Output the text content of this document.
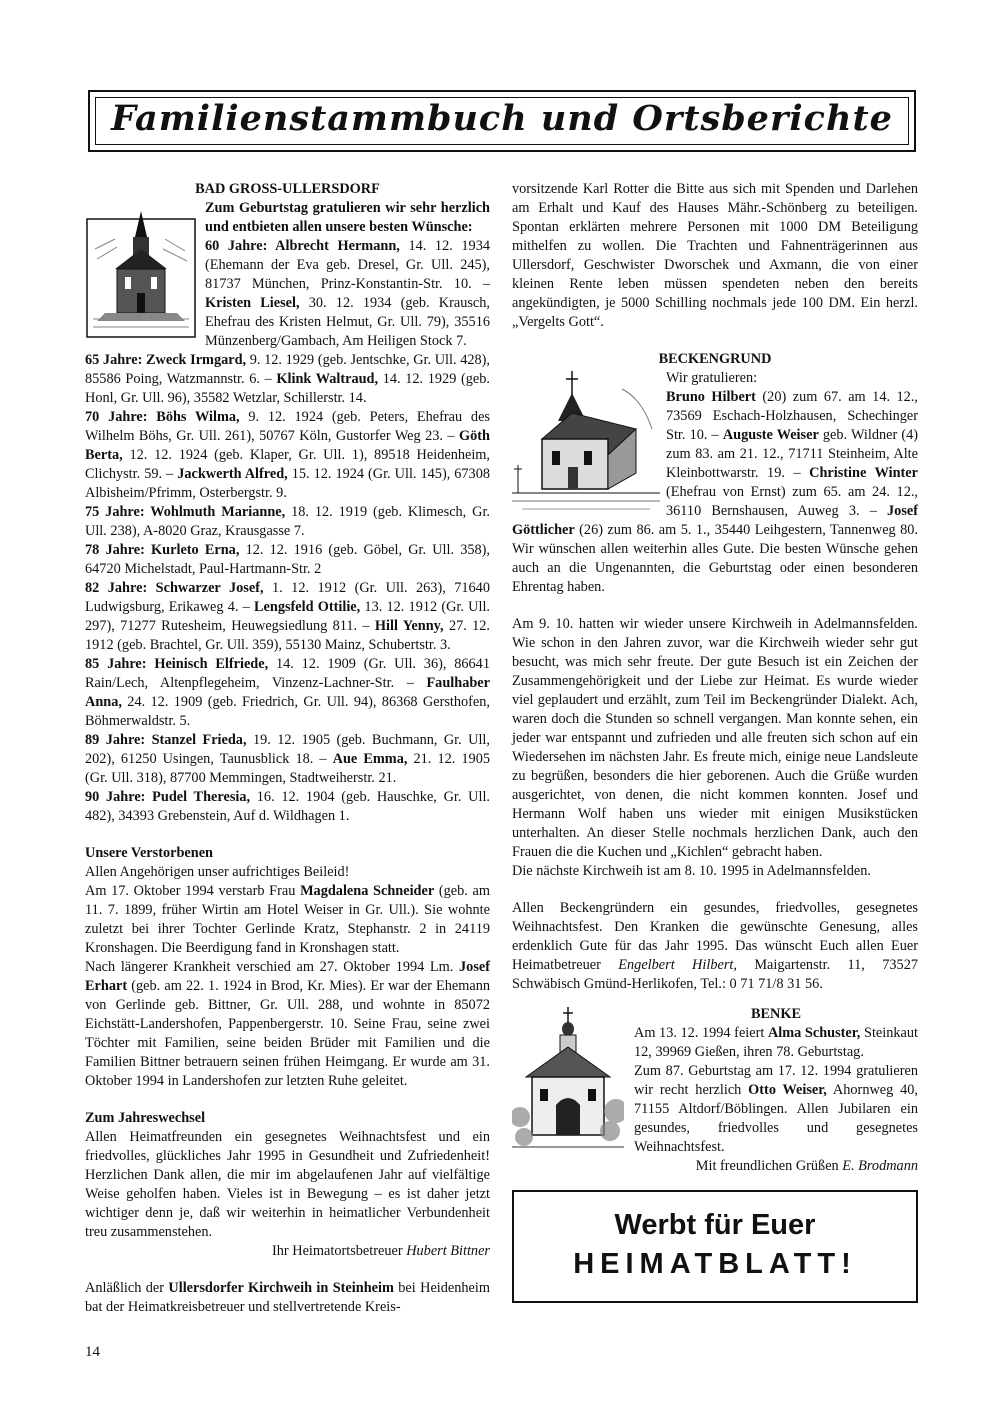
Familienstammbuch und Ortsberichte

BAD GROSS-ULLERSDORF

Zum Geburtstag gratulieren wir sehr herzlich und entbieten allen unsere besten Wünsche:

60 Jahre: Albrecht Hermann, 14. 12. 1934 (Ehemann der Eva geb. Dresel, Gr. Ull. 245), 81737 München, Prinz-Konstantin-Str. 10. – Kristen Liesel, 30. 12. 1934 (geb. Krausch, Ehefrau des Kristen Helmut, Gr. Ull. 79), 35516 Münzenberg/Gambach, Am Heiligen Stock 7.

65 Jahre: Zweck Irmgard, 9. 12. 1929 (geb. Jentschke, Gr. Ull. 428), 85586 Poing, Watzmannstr. 6. – Klink Waltraud, 14. 12. 1929 (geb. Honl, Gr. Ull. 96), 35582 Wetzlar, Schillerstr. 14.

70 Jahre: Böhs Wilma, 9. 12. 1924 (geb. Peters, Ehefrau des Wilhelm Böhs, Gr. Ull. 261), 50767 Köln, Gustorfer Weg 23. – Göth Berta, 12. 12. 1924 (geb. Klaper, Gr. Ull. 1), 89518 Heidenheim, Clichystr. 59. – Jackwerth Alfred, 15. 12. 1924 (Gr. Ull. 145), 67308 Albisheim/Pfrimm, Osterbergstr. 9.

75 Jahre: Wohlmuth Marianne, 18. 12. 1919 (geb. Klimesch, Gr. Ull. 238), A-8020 Graz, Krausgasse 7.

78 Jahre: Kurleto Erna, 12. 12. 1916 (geb. Göbel, Gr. Ull. 358), 64720 Michelstadt, Paul-Hartmann-Str. 2

82 Jahre: Schwarzer Josef, 1. 12. 1912 (Gr. Ull. 263), 71640 Ludwigsburg, Erikaweg 4. – Lengsfeld Ottilie, 13. 12. 1912 (Gr. Ull. 297), 71277 Rutesheim, Heuwegsiedlung 811. – Hill Yenny, 27. 12. 1912 (geb. Brachtel, Gr. Ull. 359), 55130 Mainz, Schubertstr. 3.

85 Jahre: Heinisch Elfriede, 14. 12. 1909 (Gr. Ull. 36), 86641 Rain/Lech, Altenpflegeheim, Vinzenz-Lachner-Str. – Faulhaber Anna, 24. 12. 1909 (geb. Friedrich, Gr. Ull. 94), 86368 Gersthofen, Böhmerwaldstr. 5.

89 Jahre: Stanzel Frieda, 19. 12. 1905 (geb. Buchmann, Gr. Ull, 202), 61250 Usingen, Taunusblick 18. – Aue Emma, 21. 12. 1905 (Gr. Ull. 318), 87700 Memmingen, Stadtweiherstr. 21.

90 Jahre: Pudel Theresia, 16. 12. 1904 (geb. Hauschke, Gr. Ull. 482), 34393 Grebenstein, Auf d. Wildhagen 1.

Unsere Verstorbenen

Allen Angehörigen unser aufrichtiges Beileid!

Am 17. Oktober 1994 verstarb Frau Magdalena Schneider (geb. am 11. 7. 1899, früher Wirtin am Hotel Weiser in Gr. Ull.). Sie wohnte zuletzt bei ihrer Tochter Gerlinde Kratz, Stephanstr. 2 in 24119 Kronshagen. Die Beerdigung fand in Kronshagen statt.

Nach längerer Krankheit verschied am 27. Oktober 1994 Lm. Josef Erhart (geb. am 22. 1. 1924 in Brod, Kr. Mies). Er war der Ehemann von Gerlinde geb. Bittner, Gr. Ull. 288, und wohnte in 85072 Eichstätt-Landershofen, Pappenbergerstr. 10. Seine Frau, seine zwei Töchter mit Familien, seine beiden Brüder mit Familien und die Familien Bittner betrauern seinen frühen Heimgang. Er wurde am 31. Oktober 1994 in Landershofen zur letzten Ruhe geleitet.

Zum Jahreswechsel

Allen Heimatfreunden ein gesegnetes Weihnachtsfest und ein friedvolles, glückliches Jahr 1995 in Gesundheit und Zufriedenheit! Herzlichen Dank allen, die mir im abgelaufenen Jahr auf vielfältige Weise geholfen haben. Vieles ist in Bewegung – es ist daher jetzt wichtiger denn je, daß wir weiterhin in heimatlicher Verbundenheit treu zusammenstehen.

Ihr Heimatortsbetreuer Hubert Bittner

Anläßlich der Ullersdorfer Kirchweih in Steinheim bei Heidenheim bat der Heimatkreisbetreuer und stellvertretende Kreis-

vorsitzende Karl Rotter die Bitte aus sich mit Spenden und Darlehen am Erhalt und Kauf des Hauses Mähr.-Schönberg zu beteiligen. Spontan erklärten mehrere Personen mit 1000 DM Beteiligung mithelfen zu wollen. Die Trachten und Fahnenträgerinnen aus Ullersdorf, Geschwister Dworschek und Axmann, die von einer kleinen Rente leben müssen spendeten neben den bereits angekündigten, je 5000 Schilling nochmals jede 100 DM. Ein herzl. „Vergelts Gott“.

BECKENGRUND

Wir gratulieren:

Bruno Hilbert (20) zum 67. am 14. 12., 73569 Eschach-Holzhausen, Schechinger Str. 10. – Auguste Weiser geb. Wildner (4) zum 83. am 21. 12., 71711 Steinheim, Alte Kleinbottwarstr. 19. – Christine Winter (Ehefrau von Ernst) zum 65. am 24. 12., 36110 Bernshausen, Auweg 3. – Josef Göttlicher (26) zum 86. am 5. 1., 35440 Leihgestern, Tannenweg 80. Wir wünschen allen weiterhin alles Gute. Die besten Wünsche gehen auch an die Ungenannten, die Geburtstag oder einen besonderen Ehrentag haben.

Am 9. 10. hatten wir wieder unsere Kirchweih in Adelmannsfelden. Wie schon in den Jahren zuvor, war die Kirchweih wieder sehr gut besucht, was mich sehr freute. Der gute Besuch ist ein Zeichen der Zusammengehörigkeit und der Liebe zur Heimat. Es wurde wieder viel geplaudert und erzählt, zum Teil im Beckengründer Dialekt. Ach, waren doch die Stunden so schnell vergangen. Man konnte sehen, ein jeder war entspannt und zufrieden und alle freuten sich schon auf ein Wiedersehen im nächsten Jahr. Es freute mich, einige neue Landsleute zu begrüßen, besonders die hier geborenen. Auch die Grüße wurden ausgerichtet, von denen, die nicht kommen konnten. Josef und Hermann Wolf haben uns wieder mit einigen Musikstücken unterhalten. An dieser Stelle nochmals herzlichen Dank, auch den Frauen die die Kuchen und „Kichlen“ gebracht haben.

Die nächste Kirchweih ist am 8. 10. 1995 in Adelmannsfelden.

Allen Beckengründern ein gesundes, friedvolles, gesegnetes Weihnachtsfest. Den Kranken die gewünschte Genesung, alles erdenklich Gute für das Jahr 1995. Das wünscht Euch allen Euer Heimatbetreuer Engelbert Hilbert, Maigartenstr. 11, 73527 Schwäbisch Gmünd-Herlikofen, Tel.: 0 71 71/8 31 56.

BENKE

Am 13. 12. 1994 feiert Alma Schuster, Steinkaut 12, 39969 Gießen, ihren 78. Geburtstag.

Zum 87. Geburtstag am 17. 12. 1994 gratulieren wir recht herzlich Otto Weiser, Ahornweg 40, 71155 Altdorf/Böblingen. Allen Jubilaren ein gesundes, friedvolles und gesegnetes Weihnachtsfest.

Mit freundlichen Grüßen E. Brodmann

Werbt für Euer
HEIMATBLATT!
14
